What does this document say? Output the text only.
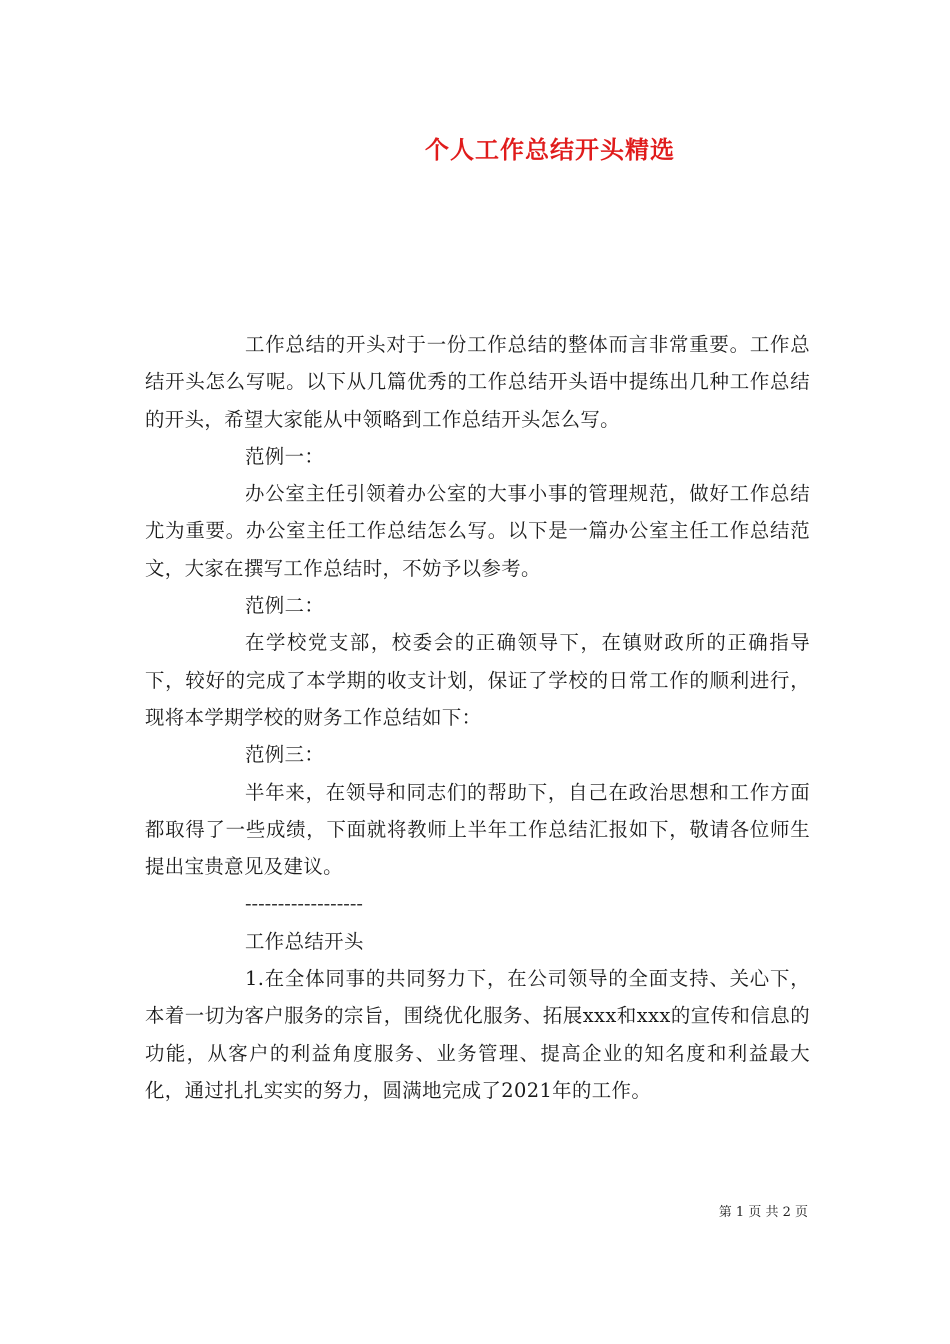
个人工作总结开头精选

工作总结的开头对于一份工作总结的整体而言非常重要。工作总结开头怎么写呢。以下从几篇优秀的工作总结开头语中提练出几种工作总结的开头，希望大家能从中领略到工作总结开头怎么写。

范例一：

办公室主任引领着办公室的大事小事的管理规范，做好工作总结尤为重要。办公室主任工作总结怎么写。以下是一篇办公室主任工作总结范文，大家在撰写工作总结时，不妨予以参考。

范例二：

在学校党支部，校委会的正确领导下，在镇财政所的正确指导下，较好的完成了本学期的收支计划，保证了学校的日常工作的顺利进行，现将本学期学校的财务工作总结如下：

范例三：

半年来，在领导和同志们的帮助下，自己在政治思想和工作方面都取得了一些成绩，下面就将教师上半年工作总结汇报如下，敬请各位师生提出宝贵意见及建议。

------------------

工作总结开头

1.在全体同事的共同努力下，在公司领导的全面支持、关心下，本着一切为客户服务的宗旨，围绕优化服务、拓展xxx和xxx的宣传和信息的功能，从客户的利益角度服务、业务管理、提高企业的知名度和利益最大化，通过扎扎实实的努力，圆满地完成了2021年的工作。

第 1 页 共 2 页
